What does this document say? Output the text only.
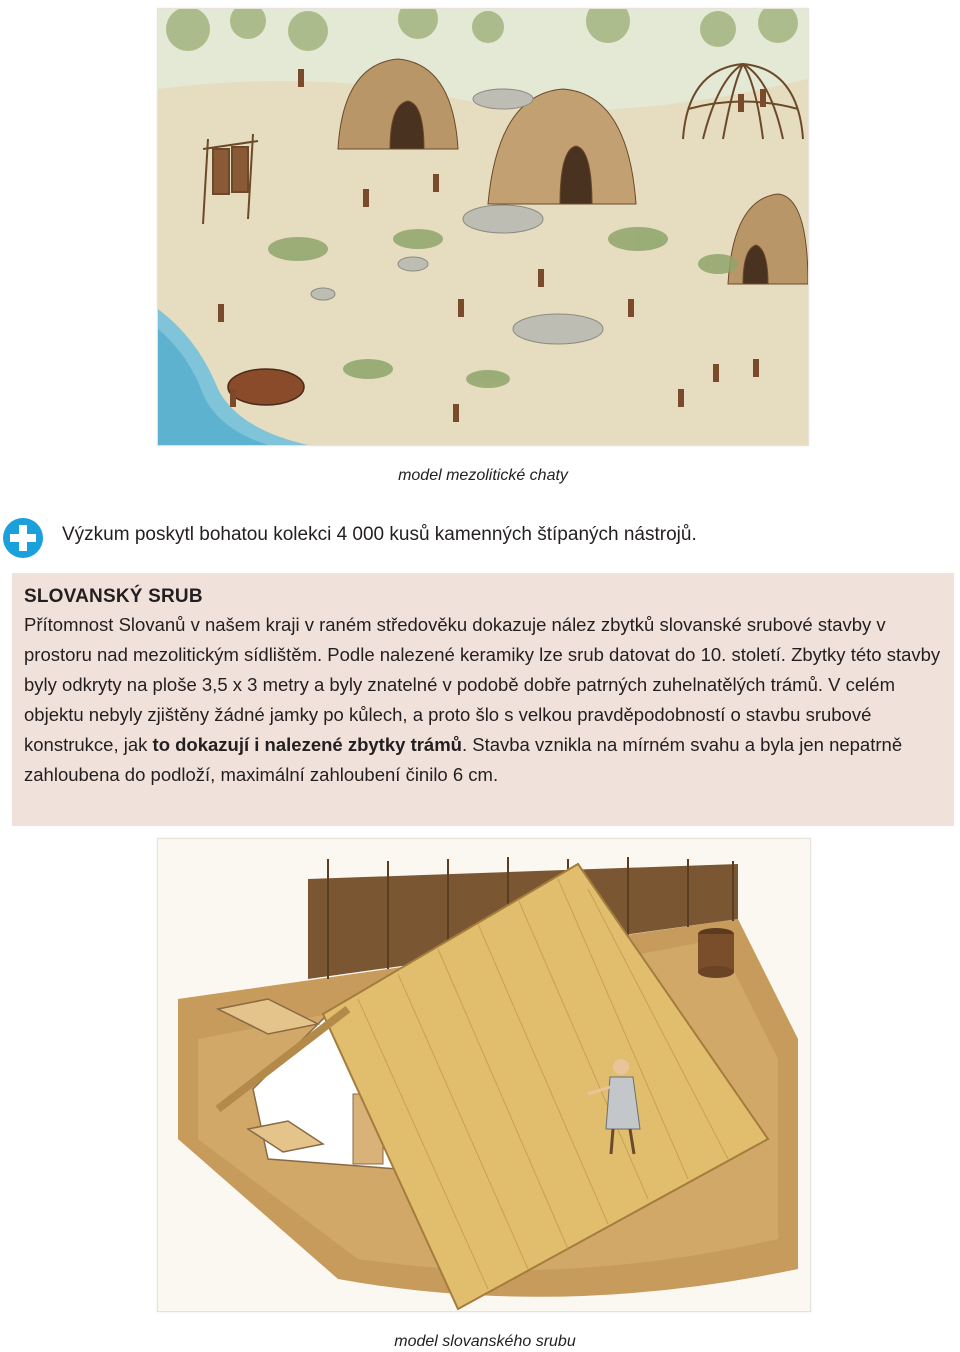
model mezolitické chaty
Výzkum poskytl bohatou kolekci 4 000 kusů kamenných štípaných nástrojů.
SLOVANSKÝ SRUB
Přítomnost Slovanů v našem kraji v raném středověku dokazuje nález zbytků slovanské srubové stavby v prostoru nad mezolitickým sídlištěm. Podle nalezené keramiky lze srub datovat do 10. století. Zbytky této stavby byly odkryty na ploše 3,5 x 3 metry a byly znatelné v podobě dobře patrných zuhelnatělých trámů. V celém objektu nebyly zjištěny žádné jamky po kůlech, a proto šlo s velkou pravděpodobností o stavbu srubové konstrukce, jak to dokazují i nalezené zbytky trámů. Stavba vznikla na mírném svahu a byla jen nepatrně zahloubena do podloží, maximální zahloubení činilo 6 cm.
model slovanského srubu
